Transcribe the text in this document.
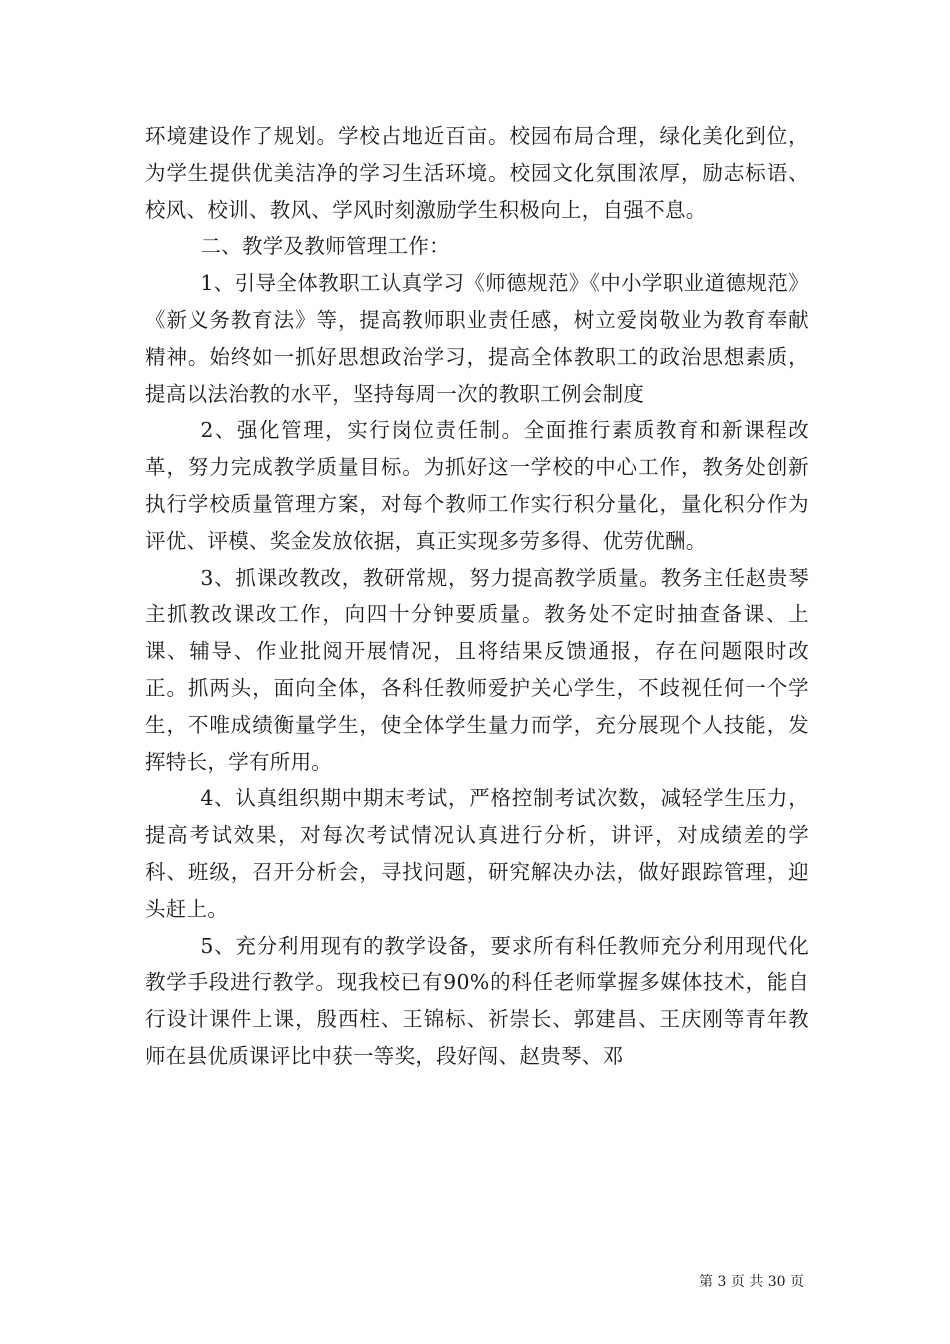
环境建设作了规划。学校占地近百亩。校园布局合理，绿化美化到位，为学生提供优美洁净的学习生活环境。校园文化氛围浓厚，励志标语、校风、校训、教风、学风时刻激励学生积极向上，自强不息。

二、教学及教师管理工作：

1、引导全体教职工认真学习《师德规范》《中小学职业道德规范》《新义务教育法》等，提高教师职业责任感，树立爱岗敬业为教育奉献精神。始终如一抓好思想政治学习，提高全体教职工的政治思想素质，提高以法治教的水平，坚持每周一次的教职工例会制度

2、强化管理，实行岗位责任制。全面推行素质教育和新课程改革，努力完成教学质量目标。为抓好这一学校的中心工作，教务处创新执行学校质量管理方案，对每个教师工作实行积分量化，量化积分作为评优、评模、奖金发放依据，真正实现多劳多得、优劳优酬。

3、抓课改教改，教研常规，努力提高教学质量。教务主任赵贵琴主抓教改课改工作，向四十分钟要质量。教务处不定时抽查备课、上课、辅导、作业批阅开展情况，且将结果反馈通报，存在问题限时改正。抓两头，面向全体，各科任教师爱护关心学生，不歧视任何一个学生，不唯成绩衡量学生，使全体学生量力而学，充分展现个人技能，发挥特长，学有所用。

4、认真组织期中期末考试，严格控制考试次数，减轻学生压力，提高考试效果，对每次考试情况认真进行分析，讲评，对成绩差的学科、班级，召开分析会，寻找问题，研究解决办法，做好跟踪管理，迎头赶上。

5、充分利用现有的教学设备，要求所有科任教师充分利用现代化教学手段进行教学。现我校已有90%的科任老师掌握多媒体技术，能自行设计课件上课，殷西柱、王锦标、祈崇长、郭建昌、王庆刚等青年教师在县优质课评比中获一等奖，段好闯、赵贵琴、邓

第 3 页 共 30 页
